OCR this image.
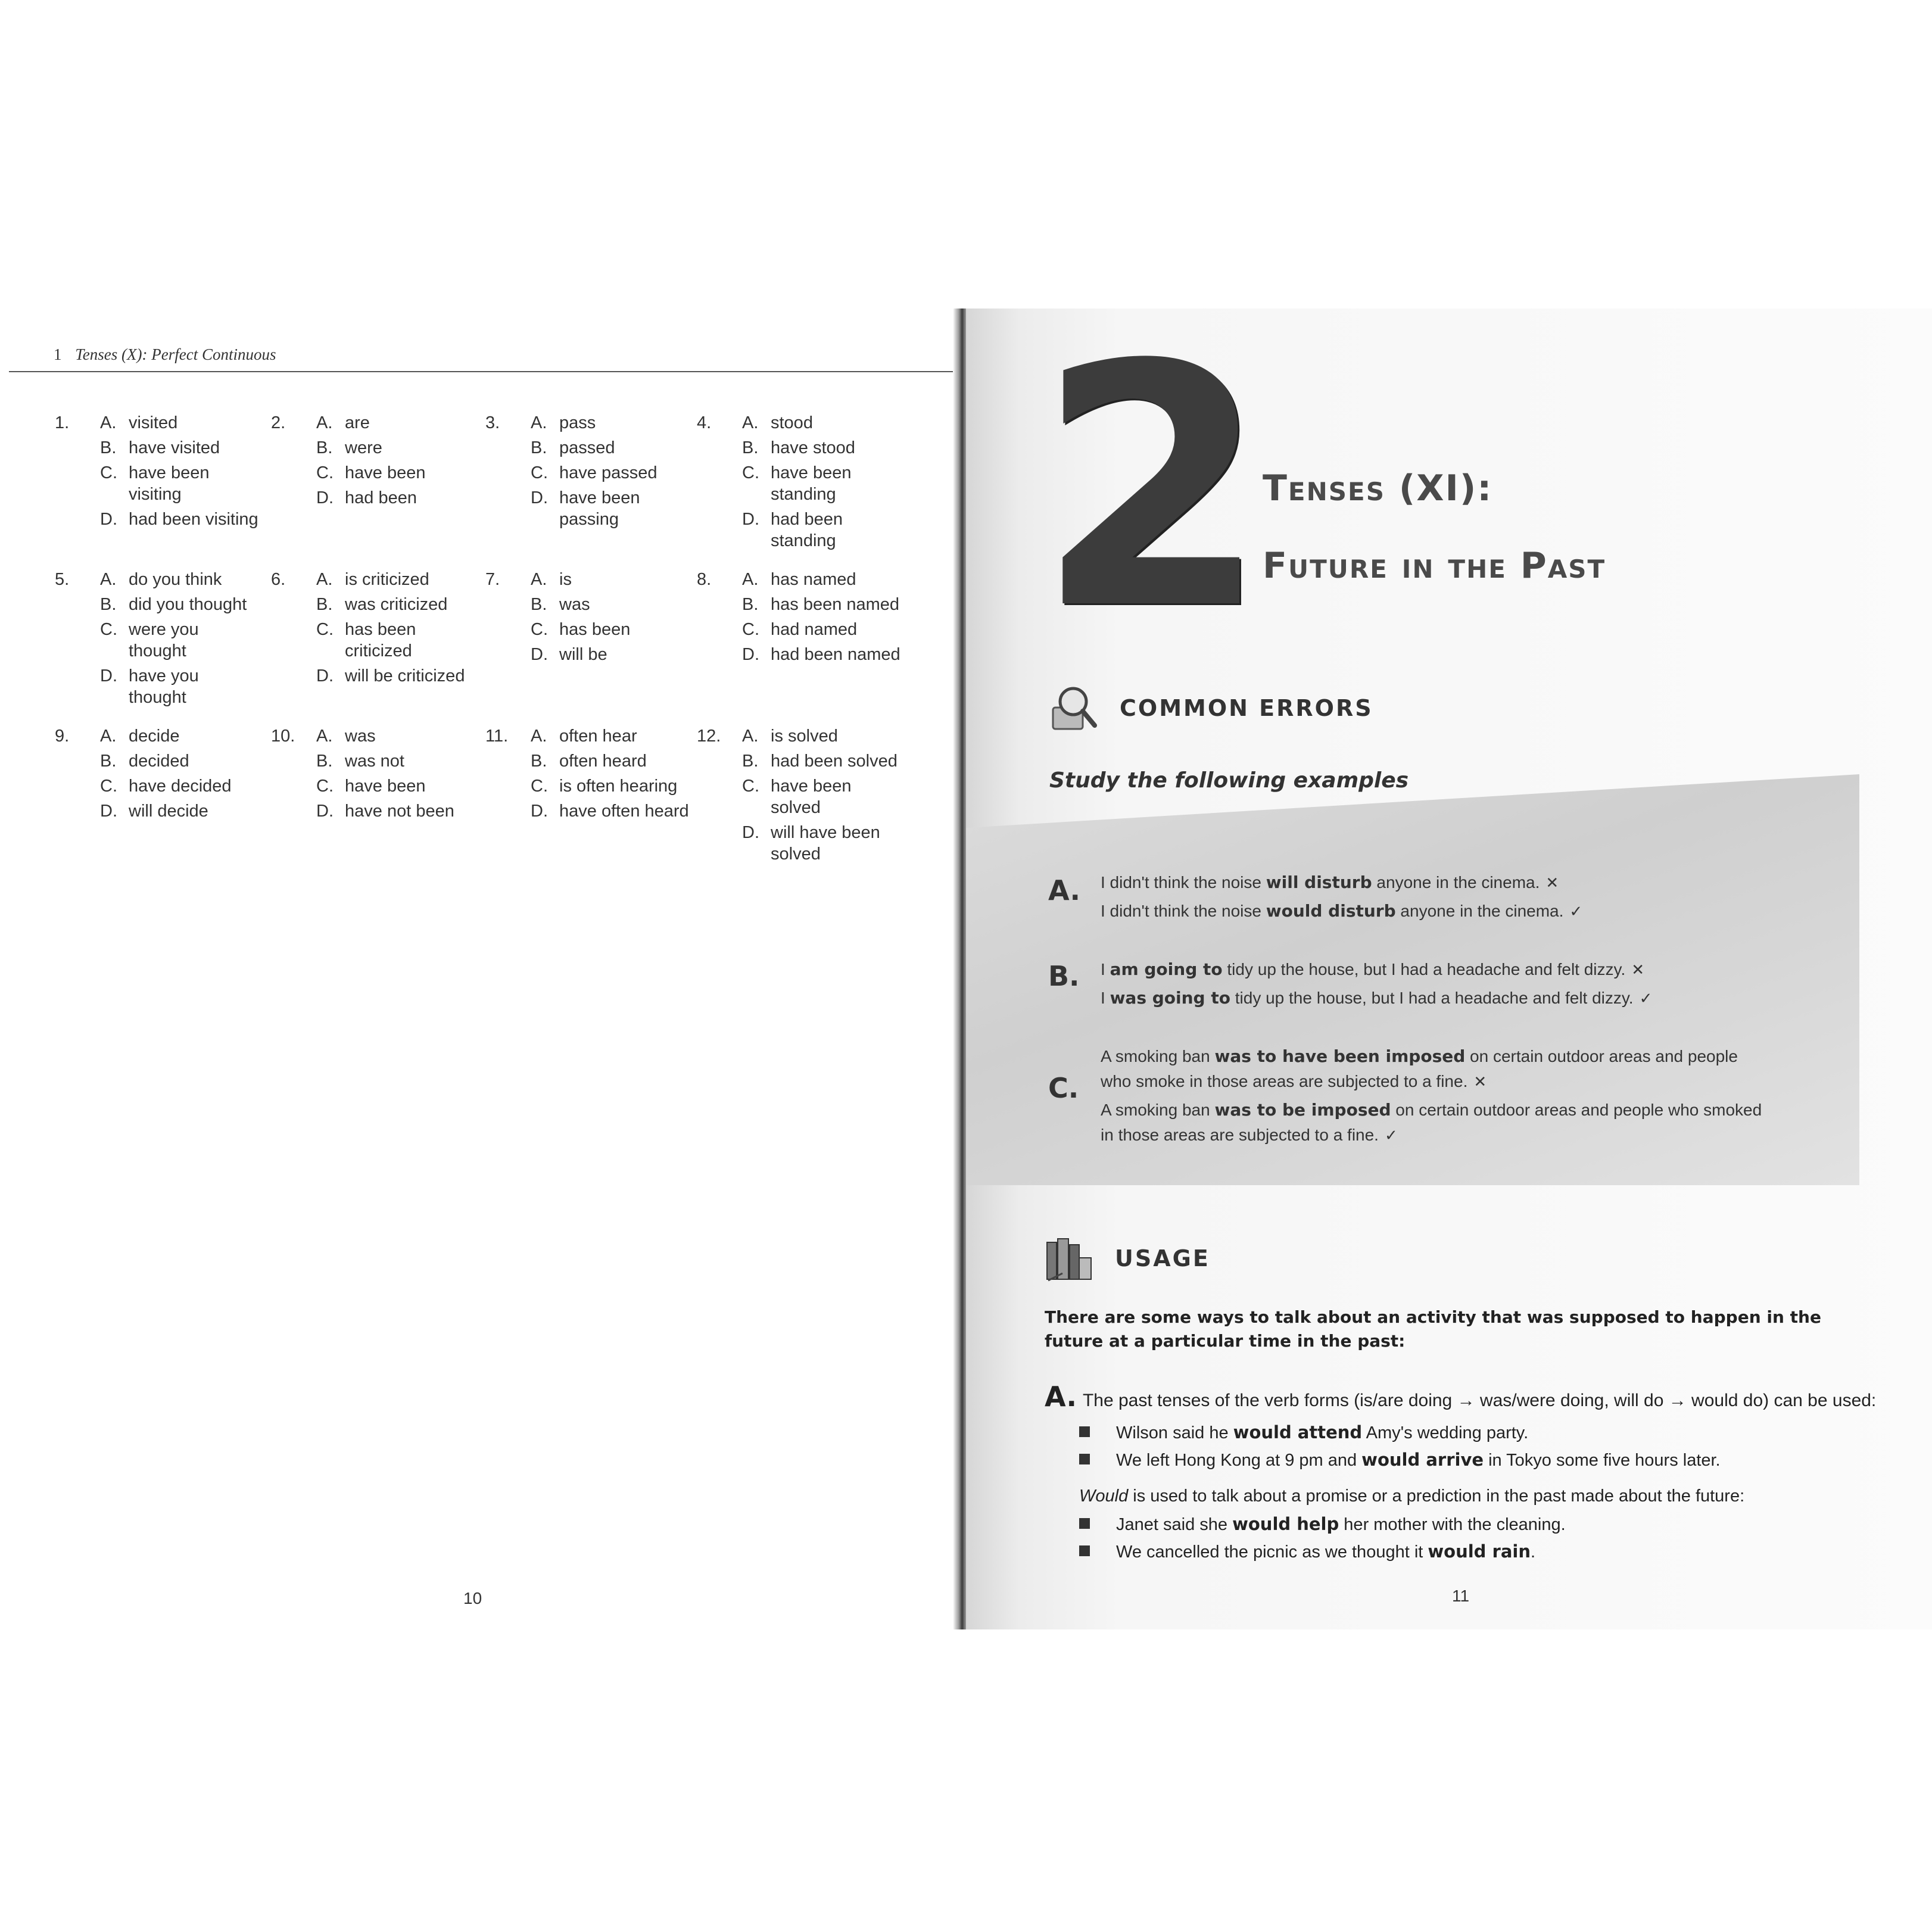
1 Tenses (X): Perfect Continuous
1. A. visited
B. have visited
C. have been visiting
D. had been visiting
2. A. are
B. were
C. have been
D. had been
3. A. pass
B. passed
C. have passed
D. have been passing
4. A. stood
B. have stood
C. have been standing
D. had been standing
5. A. do you think
B. did you thought
C. were you thought
D. have you thought
6. A. is criticized
B. was criticized
C. has been criticized
D. will be criticized
7. A. is
B. was
C. has been
D. will be
8. A. has named
B. has been named
C. had named
D. had been named
9. A. decide
B. decided
C. have decided
D. will decide
10. A. was
B. was not
C. have been
D. have not been
11. A. often hear
B. often heard
C. is often hearing
D. have often heard
12. A. is solved
B. had been solved
C. have been solved
D. will have been solved
10
2 Tenses (XI):
Future in the Past
COMMON ERRORS
Study the following examples
A. I didn't think the noise will disturb anyone in the cinema. ✕
I didn't think the noise would disturb anyone in the cinema. ✓
B. I am going to tidy up the house, but I had a headache and felt dizzy. ✕
I was going to tidy up the house, but I had a headache and felt dizzy. ✓
C.
A smoking ban was to have been imposed on certain outdoor areas and people
who smoke in those areas are subjected to a fine. ✕
A smoking ban was to be imposed on certain outdoor areas and people who smoked
in those areas are subjected to a fine. ✓
USAGE
There are some ways to talk about an activity that was supposed to happen in the future at a particular time in the past:
A. The past tenses of the verb forms (is/are doing → was/were doing, will do → would do) can be used:
Wilson said he would attend Amy's wedding party.
We left Hong Kong at 9 pm and would arrive in Tokyo some five hours later.
Would is used to talk about a promise or a prediction in the past made about the future:
Janet said she would help her mother with the cleaning.
We cancelled the picnic as we thought it would rain.
11
